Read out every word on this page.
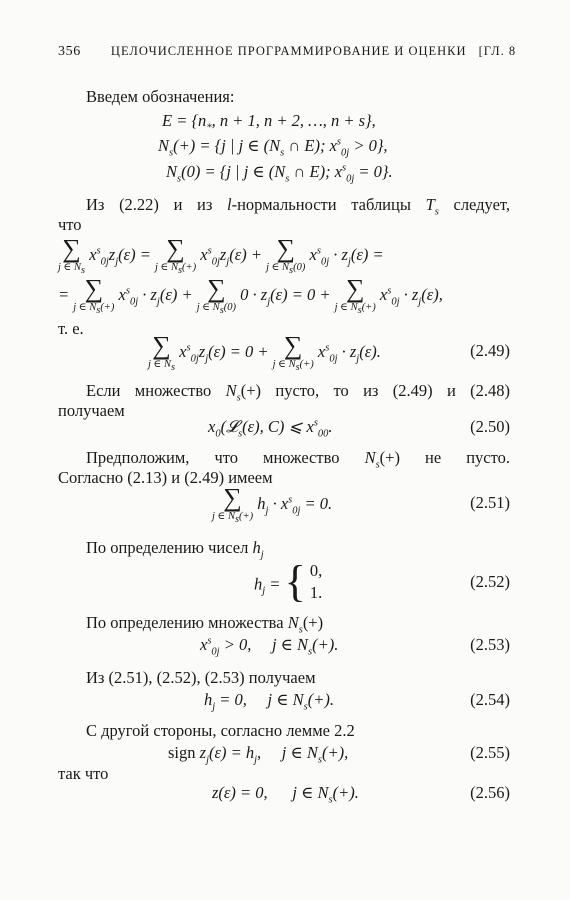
356 ЦЕЛОЧИСЛЕННОЕ ПРОГРАММИРОВАНИЕ И ОЦЕНКИ [ГЛ. 8
Введем обозначения:
$E = \{n_*$, n + 1, n + 2, …, n + s},
$N_s(+) = \{j$ | j ∈ ($N_s$ ∩ E); $x^s_{0j} > 0$},
$N_s(0) = \{j$ | j ∈ ($N_s$ ∩ E); $x^s_{0j} = 0$}.
Из (2.22) и из l-нормальности таблицы $T_s$ следует,
что
∑
j ∈ $N_s$
$x^s_{0j}z_j(\varepsilon)$ = ∑
j ∈ $N_s(+)$
$x^s_{0j}z_j(\varepsilon)$ + ∑
j ∈ $N_s(0)$
$x^s_{0j} \cdot z_j(\varepsilon)$ =
= ∑
j ∈ $N_s(+)$
$x^s_{0j} \cdot z_j(\varepsilon)$ + ∑
j ∈ $N_s(0)$
$0 \cdot z_j(\varepsilon) = 0$ + ∑
j ∈ $N_s(+)$
$x^s_{0j} \cdot z_j(\varepsilon)$,
т. е.
∑
j ∈ $N_s$
$x^s_{0j}z_j(\varepsilon) = 0$ + ∑
j ∈ $N_s(+)$
$x^s_{0j} \cdot z_j(\varepsilon)$.	(2.49)
Если множество $N_s(+)$ пусто, то из (2.49) и (2.48)
получаем
$x_0(𝓛_s(\varepsilon)$, C) ⩽ $x^s_{00}$.	(2.50)
Предположим, что множество $N_s(+)$ не пусто.
Согласно (2.13) и (2.49) имеем
∑
j ∈ $N_s(+)$
$h_j \cdot x^s_{0j} = 0$.	(2.51)
По определению чисел $h_j$
$h_j$ = { 0,
1.
(2.52)
По определению множества $N_s(+)$
$x^s_{0j} > 0$,     j ∈ $N_s(+)$.	(2.53)
Из (2.51), (2.52), (2.53) получаем
$h_j = 0$,     j ∈ $N_s(+)$.	(2.54)
С другой стороны, согласно лемме 2.2
sign $z_j(\varepsilon) = h_j$,     j ∈ $N_s(+)$,	(2.55)
так что
z(ε) = 0,      j ∈ $N_s(+)$.	(2.56)
